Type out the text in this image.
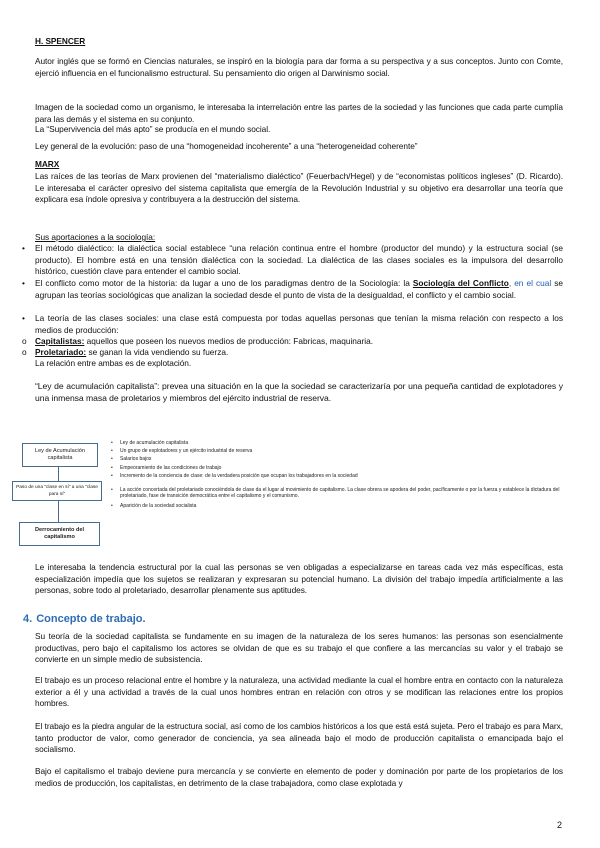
H. SPENCER

Autor inglés que se formó en Ciencias naturales, se inspiró en la biología para dar forma a su perspectiva y a sus conceptos. Junto con Comte, ejerció influencia en el funcionalismo estructural. Su pensamiento dio origen al Darwinismo social.

Imagen de la sociedad como un organismo, le interesaba la interrelación entre las partes de la sociedad y las funciones que cada parte cumplía para las demás y el sistema en su conjunto.

La “Supervivencia del más apto” se producía en el mundo social.

Ley general de la evolución: paso de una “homogeneidad incoherente” a una “heterogeneidad coherente”

MARX

Las raíces de las teorías de Marx provienen del “materialismo dialéctico” (Feuerbach/Hegel) y de “economistas políticos ingleses” (D. Ricardo). Le interesaba el carácter opresivo del sistema capitalista que emergía de la Revolución Industrial y su objetivo era desarrollar una teoría que explicara esa índole opresiva y contribuyera a la destrucción del sistema.

Sus aportaciones a la sociología:
•	El método dialéctico: la dialéctica social establece “una relación continua entre el hombre (productor del mundo) y la estructura social (se producto). El hombre está en una tensión dialéctica con la sociedad. La dialéctica de las clases sociales es la impulsora del desarrollo histórico, cuestión clave para entender el cambio social.
•	El conflicto como motor de la historia: da lugar a uno de los paradigmas dentro de la Sociología: la Sociología del Conflicto, en el cual se agrupan las teorías sociológicas que analizan la sociedad desde el punto de vista de la desigualdad, el conflicto y el cambio social.
•	La teoría de las clases sociales: una clase está compuesta por todas aquellas personas que tenían la misma relación con respecto a los medios de producción:
o	Capitalistas: aquellos que poseen los nuevos medios de producción: Fabricas, maquinaria.
o	Proletariado: se ganan la vida vendiendo su fuerza.
La relación entre ambas es de explotación.

“Ley de acumulación capitalista”: prevea una situación en la que la sociedad se caracterizaría por una pequeña cantidad de explotadores y una inmensa masa de proletarios y miembros del ejército industrial de reserva.

Ley de Acumulación capitalista
Paso de una “clase en sí” a una “clase para sí”
Derrocamiento del capitalismo

• Ley de acumulación capitalista

• Un grupo de explotadores y un ejército industrial de reserva

• Salarios bajos

• Empeoramiento de las condiciones de trabajo

• Incremento de la conciencia de clase: de la verdadera posición que ocupan los trabajadores en la sociedad

• La acción concertada del proletariado conociéndola de clase da el lugar al movimiento de capitalismo. La clase obrera se apodera del poder, pacíficamente o por la fuerza y establece la dictadura del proletariado, fase de transición democrática entre el capitalismo y el comunismo.

• Aparición de la sociedad socialista

Le interesaba la tendencia estructural por la cual las personas se ven obligadas a especializarse en tareas cada vez más específicas, esta especialización impedía que los sujetos se realizaran y expresaran su potencial humano. La división del trabajo impedía artificialmente a las personas, sobre todo al proletariado, desarrollar plenamente sus aptitudes.

4. Concepto de trabajo.

Su teoría de la sociedad capitalista se fundamente en su imagen de la naturaleza de los seres humanos: las personas son esencialmente productivas, pero bajo el capitalismo los actores se olvidan de que es su trabajo el que confiere a las mercancías su valor y el trabajo se convierte en un simple medio de subsistencia.

El trabajo es un proceso relacional entre el hombre y la naturaleza, una actividad mediante la cual el hombre entra en contacto con la naturaleza exterior a él y una actividad a través de la cual unos hombres entran en relación con otros y se modifican las relaciones entre los propios hombres.

El trabajo es la piedra angular de la estructura social, así como de los cambios históricos a los que está está sujeta. Pero el trabajo es para Marx, tanto productor de valor, como generador de conciencia, ya sea alineada bajo el modo de producción capitalista o emancipada bajo el socialismo.

Bajo el capitalismo el trabajo deviene pura mercancía y se convierte en elemento de poder y dominación por parte de los propietarios de los medios de producción, los capitalistas, en detrimento de la clase trabajadora, como clase explotada y

2
